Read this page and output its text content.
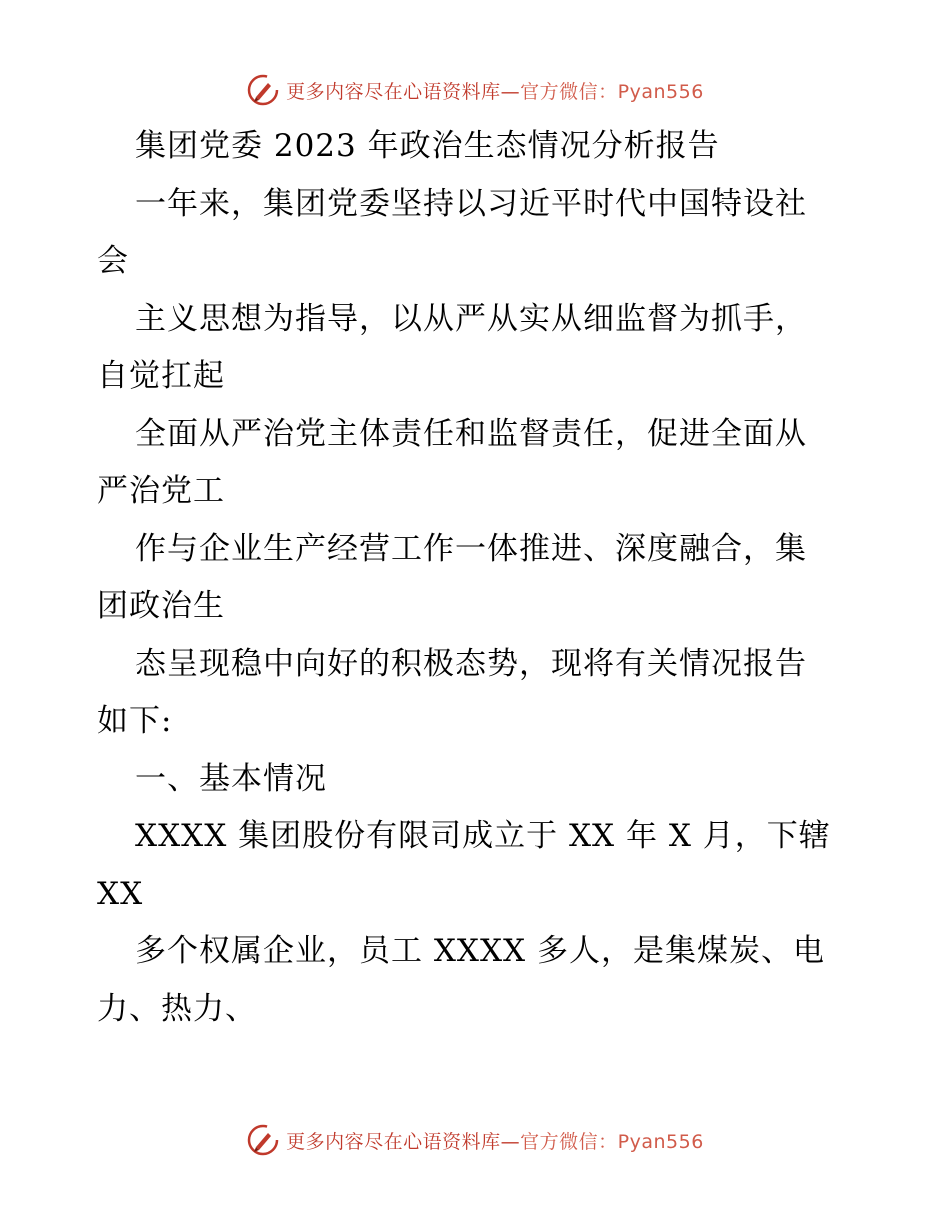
更多内容尽在心语资料库—官方微信：Pyan556
集团党委 2023 年政治生态情况分析报告
一年来，集团党委坚持以习近平时代中国特设社
会
主义思想为指导，以从严从实从细监督为抓手，
自觉扛起
全面从严治党主体责任和监督责任，促进全面从
严治党工
作与企业生产经营工作一体推进、深度融合，集
团政治生
态呈现稳中向好的积极态势，现将有关情况报告
如下:
一、基本情况
XXXX 集团股份有限司成立于 XX 年 X 月，下辖
XX
多个权属企业，员工 XXXX 多人，是集煤炭、电
力、热力、
更多内容尽在心语资料库—官方微信：Pyan556
